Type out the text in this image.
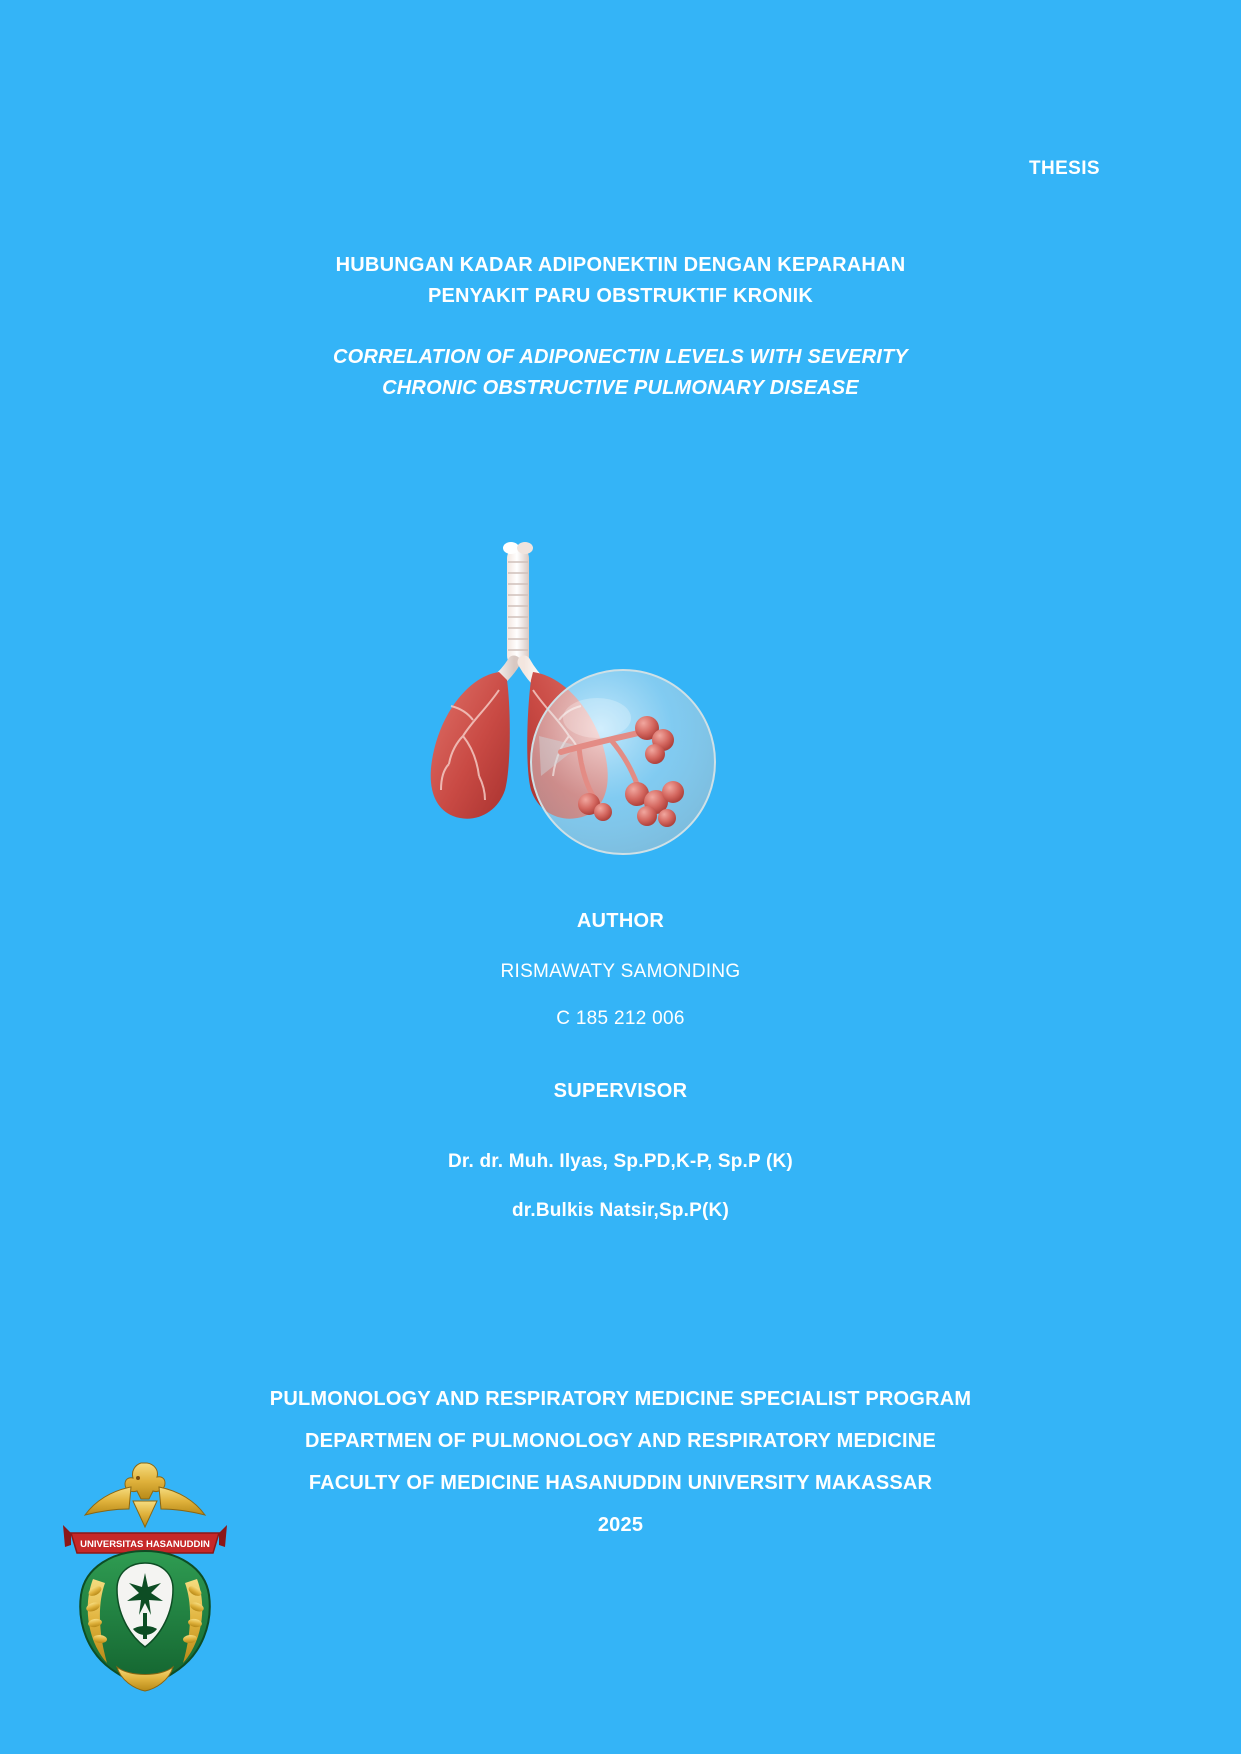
THESIS
HUBUNGAN KADAR ADIPONEKTIN DENGAN KEPARAHAN
PENYAKIT PARU OBSTRUKTIF KRONIK
CORRELATION OF ADIPONECTIN LEVELS WITH SEVERITY
CHRONIC OBSTRUCTIVE PULMONARY DISEASE
AUTHOR
RISMAWATY SAMONDING
C 185 212 006
SUPERVISOR
Dr. dr. Muh. Ilyas, Sp.PD,K-P, Sp.P (K)
dr.Bulkis Natsir,Sp.P(K)
PULMONOLOGY AND RESPIRATORY MEDICINE SPECIALIST PROGRAM
DEPARTMEN OF PULMONOLOGY AND RESPIRATORY MEDICINE
FACULTY OF MEDICINE HASANUDDIN UNIVERSITY MAKASSAR
2025
UNIVERSITAS HASANUDDIN
